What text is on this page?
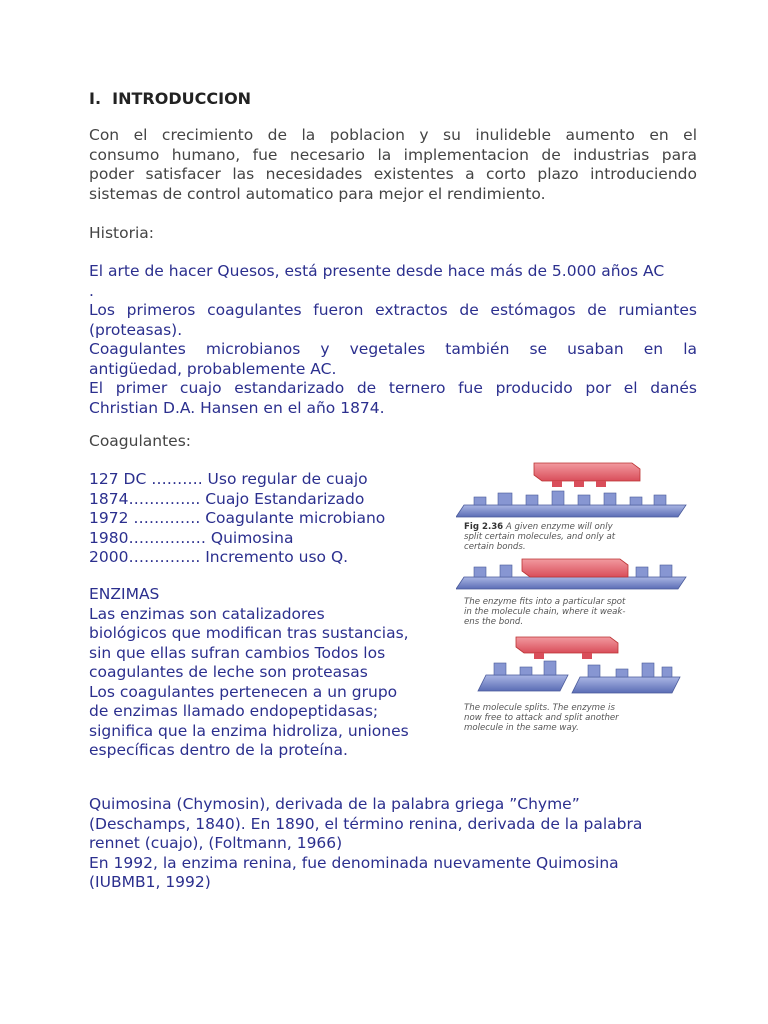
I. INTRODUCCION
Con el crecimiento de la poblacion y su inulideble aumento en el
consumo humano, fue necesario la implementacion de industrias para
poder satisfacer las necesidades existentes a corto plazo introduciendo
sistemas de control automatico para mejor el rendimiento.
Historia:
El arte de hacer Quesos, está presente desde hace más de 5.000 años AC
.
Los primeros coagulantes fueron extractos de estómagos de rumiantes
(proteasas).
Coagulantes microbianos y vegetales también se usaban en la
antigüedad, probablemente AC.
El primer cuajo estandarizado de ternero fue producido por el danés
Christian D.A. Hansen en el año 1874.
Coagulantes:
127 DC ………. Uso regular de cuajo
1874………….. Cuajo Estandarizado
1972 …………. Coagulante microbiano
1980…………… Quimosina
2000………….. Incremento uso Q.
ENZIMAS
Las enzimas son catalizadores
biológicos que modifican tras sustancias,
sin que ellas sufran cambios Todos los
coagulantes de leche son proteasas
Los coagulantes pertenecen a un grupo
de enzimas llamado endopeptidasas;
significa que la enzima hidroliza, uniones
específicas dentro de la proteína.
Fig 2.36 A given enzyme will only
split certain molecules, and only at
certain bonds.
The enzyme fits into a particular spot
in the molecule chain, where it weak-
ens the bond.
The molecule splits. The enzyme is
now free to attack and split another
molecule in the same way.
Quimosina (Chymosin), derivada de la palabra griega ”Chyme”
(Deschamps, 1840). En 1890, el término renina, derivada de la palabra
rennet (cuajo), (Foltmann, 1966)
En 1992, la enzima renina, fue denominada nuevamente Quimosina
(IUBMB1, 1992)
